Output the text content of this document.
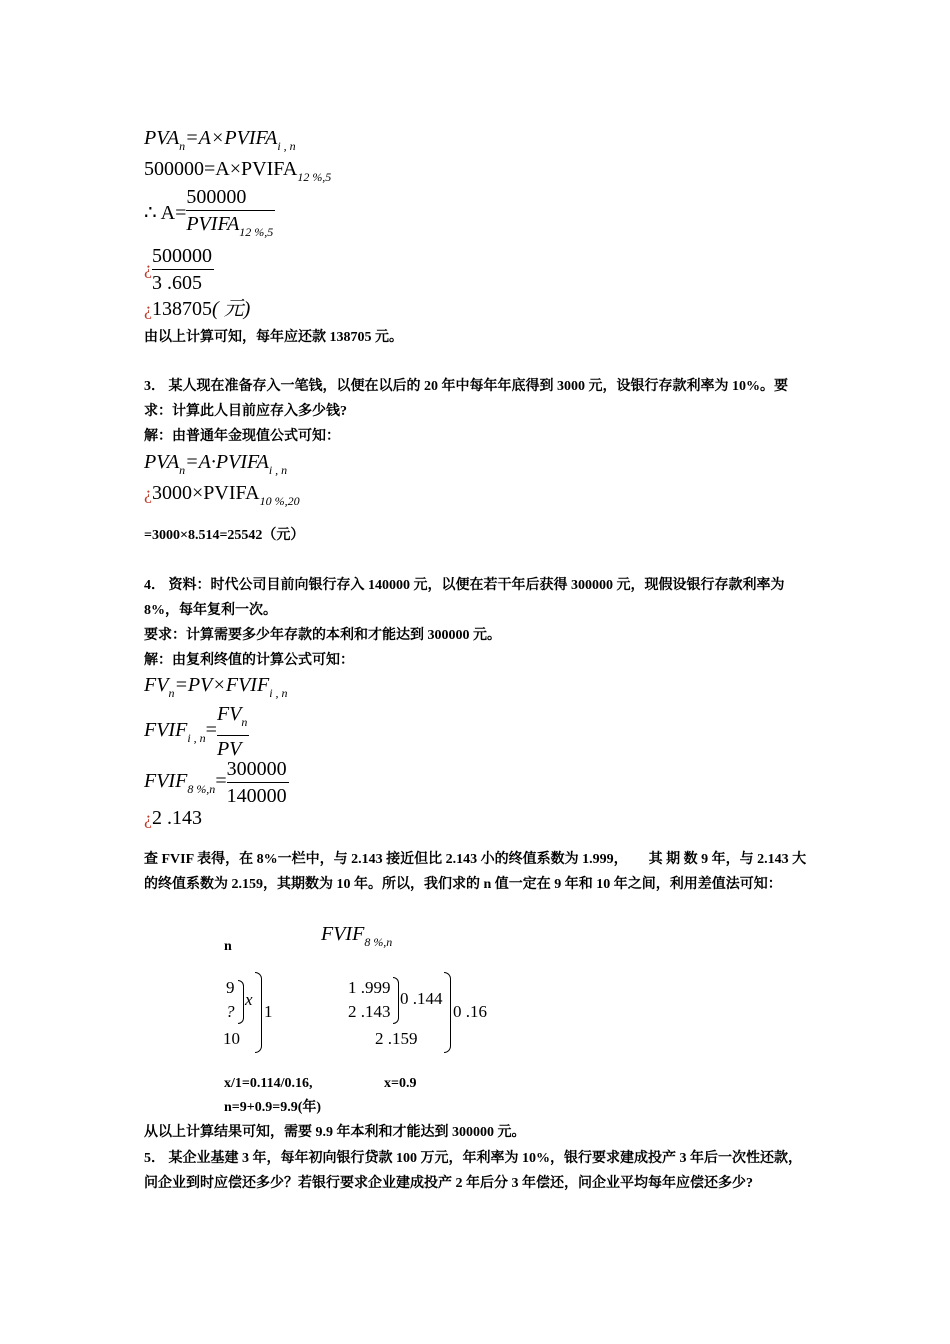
$PVA_n=A\times PVIFA_{i , n}$
$500000=A\times PVIFA_{12 \%,5}$
∴ $A= \frac{500000}{PVIFA_{12 \%,5}}$
¿ $\frac{500000}{3 .605}$
¿138705( 元)
由以上计算可知，每年应还款 138705 元。
3． 某人现在准备存入一笔钱，以便在以后的 20 年中每年年底得到 3000 元，设银行存款利率为 10%。要求：计算此人目前应存入多少钱?
解：由普通年金现值公式可知：
$PVA_n=A\cdot PVIFA_{i , n}$
¿$3000\times PVIFA_{10 \%,20}$
=3000×8.514=25542（元）
4． 资料：时代公司目前向银行存入 140000 元，以便在若干年后获得 300000 元，现假设银行存款利率为 8%，每年复利一次。
要求：计算需要多少年存款的本利和才能达到 300000 元。
解：由复利终值的计算公式可知：
$FV_n=PV\times FVIF_{i , n}$
$FVIF_{i , n}= \frac{FV_n}{PV}$
$FVIF_{8 \%,n}= \frac{300000}{140000}$
¿2 .143
查 FVIF 表得，在 8%一栏中，与 2.143 接近但比 2.143 小的终值系数为 1.999，　　其 期 数 9 年，与 2.143 大的终值系数为 2.159，其期数为 10 年。所以，我们求的 n 值一定在 9 年和 10 年之间，利用差值法可知：
n
$FVIF_{8 \%,n}$
9
?
10
x
1
1 .999
2 .143
2 .159
0 .144
0 .16
x/1=0.114/0.16,	x=0.9
n=9+0.9=9.9(年)
从以上计算结果可知，需要 9.9 年本利和才能达到 300000 元。
5． 某企业基建 3 年，每年初向银行贷款 100 万元，年利率为 10%，银行要求建成投产 3 年后一次性还款，问企业到时应偿还多少？若银行要求企业建成投产 2 年后分 3 年偿还，问企业平均每年应偿还多少?
